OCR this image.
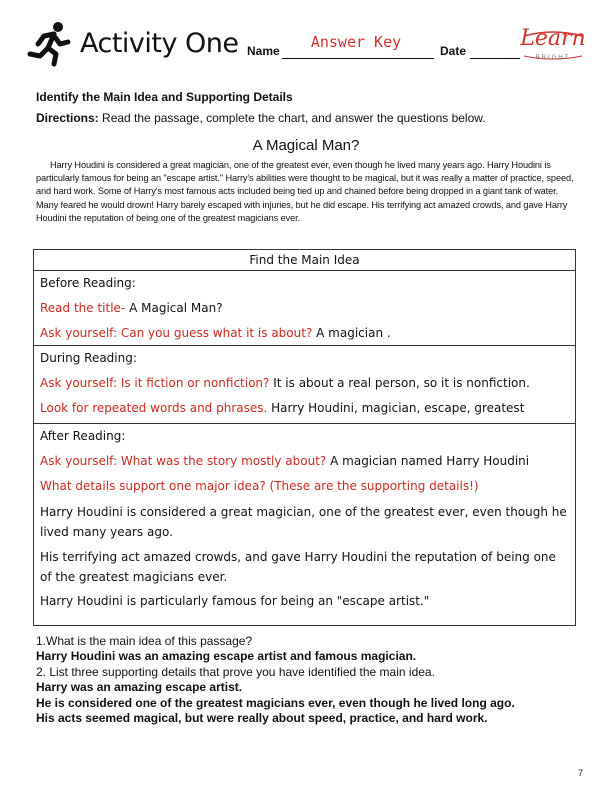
Activity One Name	Answer Key	Date Learn
BRIGHT
Identify the Main Idea and Supporting Details
Directions: Read the passage, complete the chart, and answer the questions below.
A Magical Man?
Harry Houdini is considered a great magician, one of the greatest ever, even though he lived many years ago. Harry Houdini is particularly famous for being an "escape artist." Harry's abilities were thought to be magical, but it was really a matter of practice, speed, and hard work. Some of Harry's most famous acts included being tied up and chained before being dropped in a giant tank of water. Many feared he would drown! Harry barely escaped with injuries, but he did escape. His terrifying act amazed crowds, and gave Harry Houdini the reputation of being one of the greatest magicians ever.
Find the Main Idea
Before Reading:
Read the title- A Magical Man?
Ask yourself: Can you guess what it is about? A magician .
During Reading:
Ask yourself: Is it fiction or nonfiction? It is about a real person, so it is nonfiction.
Look for repeated words and phrases. Harry Houdini, magician, escape, greatest
After Reading:
Ask yourself: What was the story mostly about? A magician named Harry Houdini
What details support one major idea? (These are the supporting details!)
Harry Houdini is considered a great magician, one of the greatest ever, even though he lived many years ago.
His terrifying act amazed crowds, and gave Harry Houdini the reputation of being one of the greatest magicians ever.
Harry Houdini is particularly famous for being an "escape artist."
1.What is the main idea of this passage?
Harry Houdini was an amazing escape artist and famous magician.
2. List three supporting details that prove you have identified the main idea.
Harry was an amazing escape artist.
He is considered one of the greatest magicians ever, even though he lived long ago.
His acts seemed magical, but were really about speed, practice, and hard work.
7
